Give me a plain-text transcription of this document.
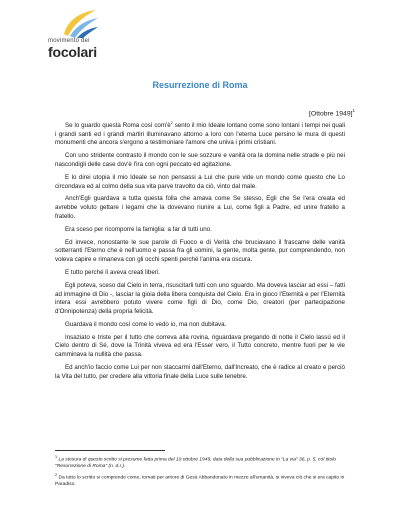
movimento dei
focolari
Resurrezione di Roma
[Ottobre 1949]$^1$

Se lo guardo questa Roma così $com'è^2$ sento il mio Ideale lontano come sono lontani i tempi nei quali i grandi santi ed i grandi martiri illuminavano attorno a loro con l'eterna Luce persino le mura di questi monumenti che ancora s'ergono a testimoniare l'amore che univa i primi cristiani.

Con uno stridente contrasto il mondo con le sue sozzure e vanità ora la domina nelle strade e più nei nascondigli delle case dov'è l'ira con ogni peccato ed agitazione.

E lo direi utopia il mio Ideale se non pensassi a Lui che pure vide un mondo come questo che Lo circondava ed al colmo della sua vita parve travolto da ciò, vinto dal male.

Anch'Egli guardava a tutta questa folla che amava come Se stesso, Egli che Se l'era creata ed avrebbe voluto gettare i legami che la dovevano riunire a Lui, come figli a Padre, ed unire fratello a fratello.

Era sceso per ricomporre la famiglia: a far di tutti uno.

Ed invece, nonostante le sue parole di Fuoco e di Verità che bruciavano il frascame delle vanità sotterranti l'Eterno che è nell'uomo e passa fra gli uomini, la gente, molta gente, pur comprendendo, non voleva capire e rimaneva con gli occhi spenti perché l'anima era oscura.

E tutto perché lì aveva creati liberi.

Egli poteva, sceso dal Cielo in terra, risuscitarli tutti con uno sguardo. Ma doveva lasciar ad essi – fatti ad immagine di Dio -, lasciar la gioia della libera conquista del Cielo. Era in gioco l'Eternità e per l'Eternità intera essi avrebbero potuto vivere come figli di Dio, come Dio, creatori (per partecipazione d'Onnipotenza) della propria felicità.

Guardava il mondo così come lo vedo io, ma non dubitava.

Insaziato e triste per il tutto che correva alla rovina, riguardava pregando di notte il Cielo lassù ed il Cielo dentro di Sé, dove la Trinità viveva ed era l'Esser vero, il Tutto concreto, mentre fuori per le vie camminava la nullità che passa.

Ed anch'io faccio come Lui per non staccarmi dall'Eterno, dall'Increato, che è radice al creato e perciò la Vita del tutto, per credere alla vittoria finale della Luce sulle tenebre.

$^1$ La stesura di questo scritto si presume fatta prima del 10 ottobre 1949, data della sua pubblicazione in "La via" 36, p. 5, col titolo "Resurrezione di Roma" (n. d.r.).
$^2$ Da tutto lo scritto si comprende come, tornati per amore di Gesù Abbandonato in mezzo all'umanità, si viveva ciò che si era capito in Paradiso.
